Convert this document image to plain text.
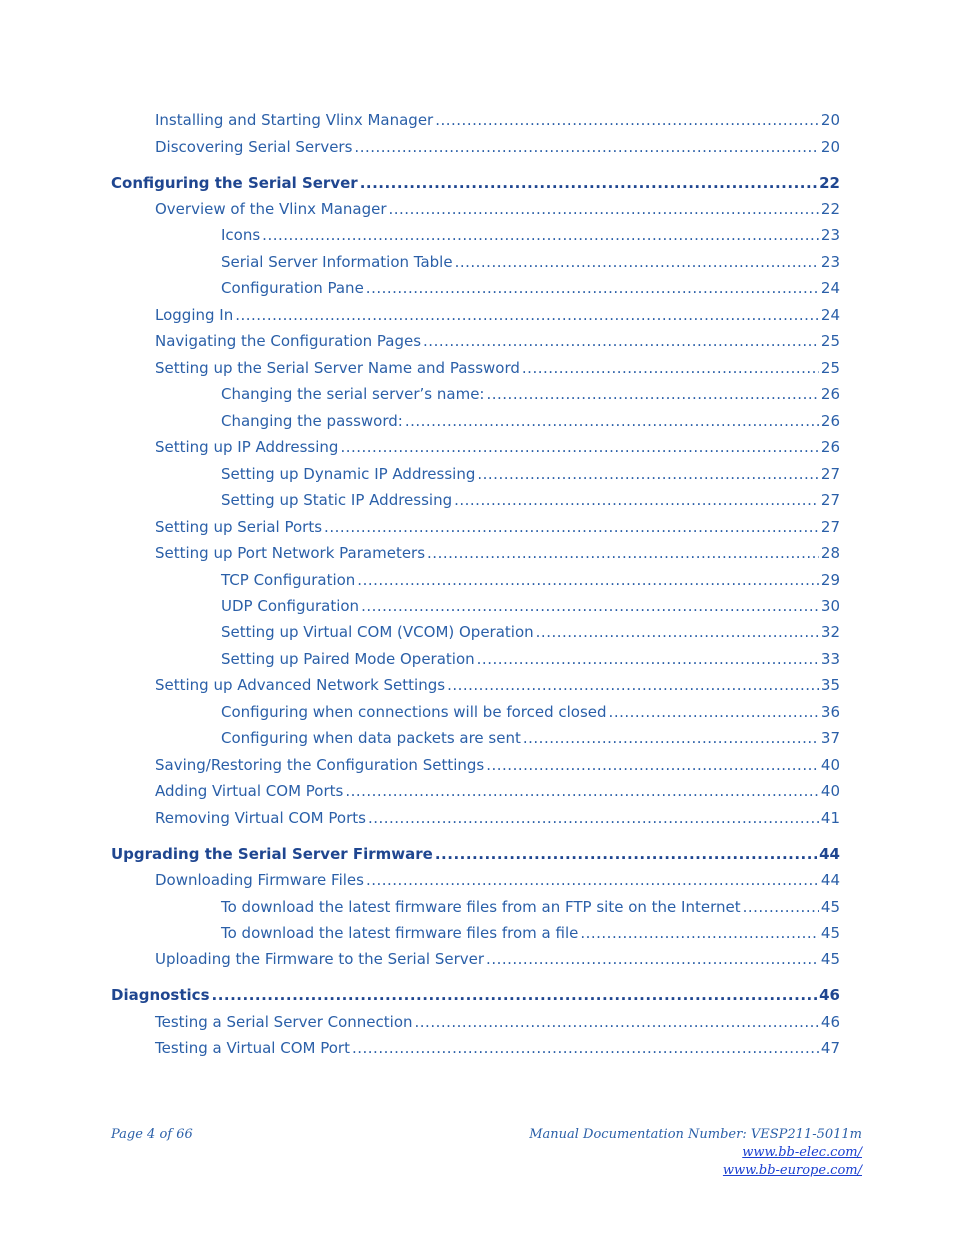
Installing and Starting Vlinx Manager .....	20
Discovering Serial Servers .....	20
Configuring the Serial Server .....	22
Overview of the Vlinx Manager .....	22
Icons .....	23
Serial Server Information Table .....	23
Configuration Pane .....	24
Logging In .....	24
Navigating the Configuration Pages .....	25
Setting up the Serial Server Name and Password .....	25
Changing the serial server’s name: .....	26
Changing the password: .....	26
Setting up IP Addressing .....	26
Setting up Dynamic IP Addressing .....	27
Setting up Static IP Addressing .....	27
Setting up Serial Ports .....	27
Setting up Port Network Parameters .....	28
TCP Configuration .....	29
UDP Configuration .....	30
Setting up Virtual COM (VCOM) Operation .....	32
Setting up Paired Mode Operation .....	33
Setting up Advanced Network Settings .....	35
Configuring when connections will be forced closed .....	36
Configuring when data packets are sent .....	37
Saving/Restoring the Configuration Settings .....	40
Adding Virtual COM Ports .....	40
Removing Virtual COM Ports .....	41
Upgrading the Serial Server Firmware .....	44
Downloading Firmware Files .....	44
To download the latest firmware files from an FTP site on the Internet .....	45
To download the latest firmware files from a file .....	45
Uploading the Firmware to the Serial Server .....	45
Diagnostics .....	46
Testing a Serial Server Connection .....	46
Testing a Virtual COM Port .....	47
Page 4 of 66	Manual Documentation Number: VESP211-5011m
www.bb-elec.com/
www.bb-europe.com/
